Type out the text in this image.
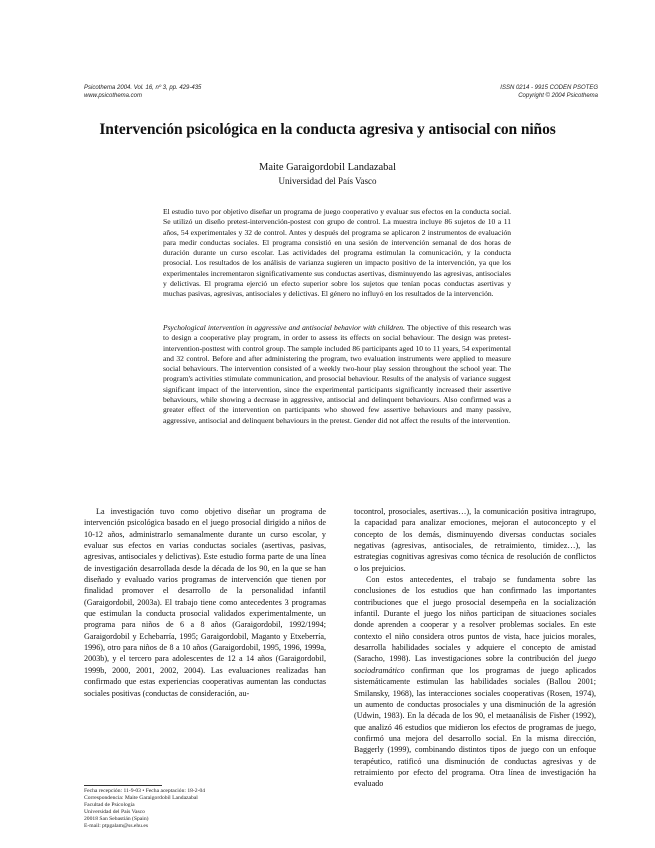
Psicothema 2004. Vol. 16, nº 3, pp. 429-435
www.psicothema.com
ISSN 0214 - 9915 CODEN PSOTEG
Copyright © 2004 Psicothema
Intervención psicológica en la conducta agresiva y antisocial con niños
Maite Garaigordobil Landazabal
Universidad del País Vasco

El estudio tuvo por objetivo diseñar un programa de juego cooperativo y evaluar sus efectos en la conducta social. Se utilizó un diseño pretest-intervención-postest con grupo de control. La muestra incluye 86 sujetos de 10 a 11 años, 54 experimentales y 32 de control. Antes y después del programa se aplicaron 2 instrumentos de evaluación para medir conductas sociales. El programa consistió en una sesión de intervención semanal de dos horas de duración durante un curso escolar. Las actividades del programa estimulan la comunicación, y la conducta prosocial. Los resultados de los análisis de varianza sugieren un impacto positivo de la intervención, ya que los experimentales incrementaron significativamente sus conductas asertivas, disminuyendo las agresivas, antisociales y delictivas. El programa ejerció un efecto superior sobre los sujetos que tenían pocas conductas asertivas y muchas pasivas, agresivas, antisociales y delictivas. El género no influyó en los resultados de la intervención.

Psychological intervention in aggressive and antisocial behavior with children. The objective of this research was to design a cooperative play program, in order to assess its effects on social behaviour. The design was pretest-intervention-posttest with control group. The sample included 86 participants aged 10 to 11 years, 54 experimental and 32 control. Before and after administering the program, two evaluation instruments were applied to measure social behaviours. The intervention consisted of a weekly two-hour play session throughout the school year. The program's activities stimulate communication, and prosocial behaviour. Results of the analysis of variance suggest significant impact of the intervention, since the experimental participants significantly increased their assertive behaviours, while showing a decrease in aggressive, antisocial and delinquent behaviours. Also confirmed was a greater effect of the intervention on participants who showed few assertive behaviours and many passive, aggressive, antisocial and delinquent behaviours in the pretest. Gender did not affect the results of the intervention.

La investigación tuvo como objetivo diseñar un programa de intervención psicológica basado en el juego prosocial dirigido a niños de 10-12 años, administrarlo semanalmente durante un curso escolar, y evaluar sus efectos en varias conductas sociales (asertivas, pasivas, agresivas, antisociales y delictivas). Este estudio forma parte de una línea de investigación desarrollada desde la década de los 90, en la que se han diseñado y evaluado varios programas de intervención que tienen por finalidad promover el desarrollo de la personalidad infantil (Garaigordobil, 2003a). El trabajo tiene como antecedentes 3 programas que estimulan la conducta prosocial validados experimentalmente, un programa para niños de 6 a 8 años (Garaigordobil, 1992/1994; Garaigordobil y Echebarría, 1995; Garaigordobil, Maganto y Etxeberría, 1996), otro para niños de 8 a 10 años (Garaigordobil, 1995, 1996, 1999a, 2003b), y el tercero para adolescentes de 12 a 14 años (Garaigordobil, 1999b, 2000, 2001, 2002, 2004). Las evaluaciones realizadas han confirmado que estas experiencias cooperativas aumentan las conductas sociales positivas (conductas de consideración, au-

tocontrol, prosociales, asertivas…), la comunicación positiva intragrupo, la capacidad para analizar emociones, mejoran el autoconcepto y el concepto de los demás, disminuyendo diversas conductas sociales negativas (agresivas, antisociales, de retraimiento, timidez…), las estrategias cognitivas agresivas como técnica de resolución de conflictos o los prejuicios.

Con estos antecedentes, el trabajo se fundamenta sobre las conclusiones de los estudios que han confirmado las importantes contribuciones que el juego prosocial desempeña en la socialización infantil. Durante el juego los niños participan de situaciones sociales donde aprenden a cooperar y a resolver problemas sociales. En este contexto el niño considera otros puntos de vista, hace juicios morales, desarrolla habilidades sociales y adquiere el concepto de amistad (Saracho, 1998). Las investigaciones sobre la contribución del juego sociodramático confirman que los programas de juego aplicados sistemáticamente estimulan las habilidades sociales (Ballou 2001; Smilansky, 1968), las interacciones sociales cooperativas (Rosen, 1974), un aumento de conductas prosociales y una disminución de la agresión (Udwin, 1983). En la década de los 90, el metaanálisis de Fisher (1992), que analizó 46 estudios que midieron los efectos de programas de juego, confirmó una mejora del desarrollo social. En la misma dirección, Baggerly (1999), combinando distintos tipos de juego con un enfoque terapéutico, ratificó una disminución de conductas agresivas y de retraimiento por efecto del programa. Otra línea de investigación ha evaluado

Fecha recepción: 11-9-03 • Fecha aceptación: 18-2-04
Correspondencia: Maite Garaigordobil Landazabal
Facultad de Psicología
Universidad del País Vasco
20018 San Sebastián (Spain)
E-mail: ptpgalam@ss.ehu.es
